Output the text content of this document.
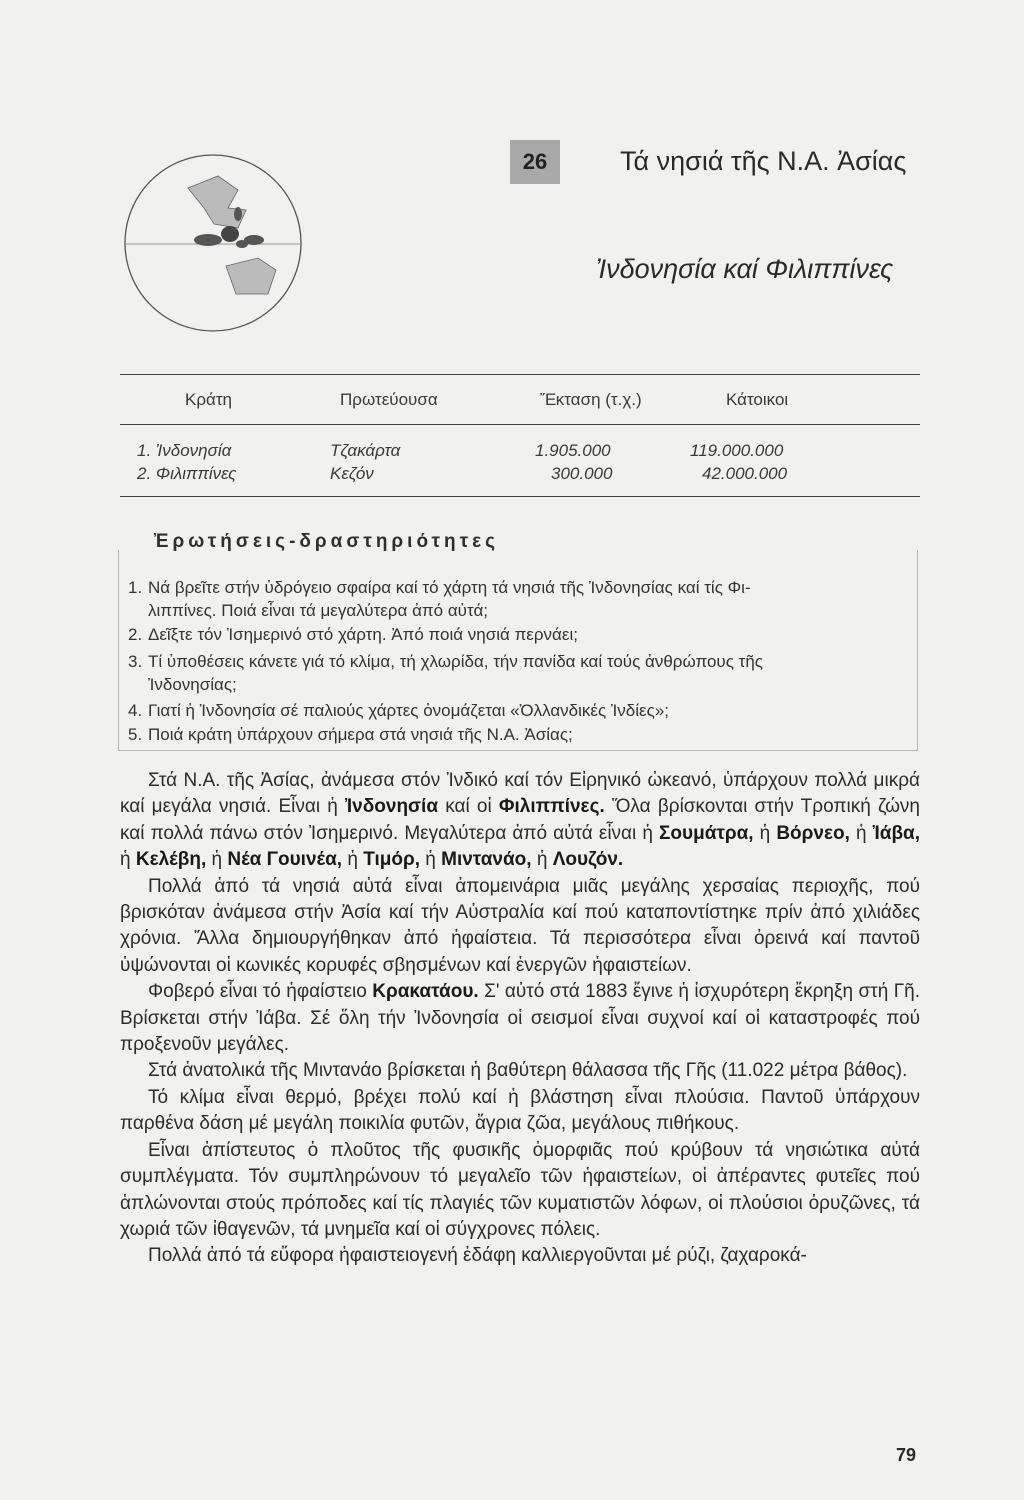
26	Τά νησιά τῆς Ν.Α. Ἀσίας
Ἰνδονησία καί Φιλιππίνες
Κράτη	Πρωτεύουσα	Ἔκταση (τ.χ.)	Κάτοικοι
1. Ἰνδονησία	Τζακάρτα	1.905.000	119.000.000
2. Φιλιππίνες	Κεζόν	300.000	42.000.000
Ἐρωτήσεις-δραστηριότητες
1. Νά βρεῖτε στήν ὑδρόγειο σφαίρα καί τό χάρτη τά νησιά τῆς Ἰνδονησίας καί τίς Φι-
λιππίνες. Ποιά εἶναι τά μεγαλύτερα ἀπό αὐτά;
2. Δεῖξτε τόν Ἰσημερινό στό χάρτη. Ἀπό ποιά νησιά περνάει;
3. Τί ὑποθέσεις κάνετε γιά τό κλίμα, τή χλωρίδα, τήν πανίδα καί τούς ἀνθρώπους τῆς
Ἰνδονησίας;
4. Γιατί ἡ Ἰνδονησία σέ παλιούς χάρτες ὀνομάζεται «Ὀλλανδικές Ἰνδίες»;
5. Ποιά κράτη ὑπάρχουν σήμερα στά νησιά τῆς Ν.Α. Ἀσίας;

Στά Ν.Α. τῆς Ἀσίας, ἀνάμεσα στόν Ἰνδικό καί τόν Εἰρηνικό ὠκεανό, ὑπάρχουν πολλά μικρά καί μεγάλα νησιά. Εἶναι ἡ Ἰνδονησία καί οἱ Φιλιππίνες. Ὅλα βρίσκονται στήν Τροπική ζώνη καί πολλά πάνω στόν Ἰσημερινό. Μεγαλύτερα ἀπό αὐτά εἶναι ἡ Σουμάτρα, ἡ Βόρνεο, ἡ Ἰάβα, ἡ Κελέβη, ἡ Νέα Γουινέα, ἡ Τιμόρ, ἡ Μιντανάο, ἡ Λουζόν.

Πολλά ἀπό τά νησιά αὐτά εἶναι ἀπομεινάρια μιᾶς μεγάλης χερσαίας περιοχῆς, πού βρισκόταν ἀνάμεσα στήν Ἀσία καί τήν Αὐστραλία καί πού καταποντίστηκε πρίν ἀπό χιλιάδες χρόνια. Ἄλλα δημιουργήθηκαν ἀπό ἡφαίστεια. Τά περισσότερα εἶναι ὀρεινά καί παντοῦ ὑψώνονται οἱ κωνικές κορυφές σβησμένων καί ἐνεργῶν ἡφαιστείων.

Φοβερό εἶναι τό ἡφαίστειο Κρακατάου. Σ' αὐτό στά 1883 ἔγινε ἡ ἰσχυρότερη ἔκρηξη στή Γῆ. Βρίσκεται στήν Ἰάβα. Σέ ὅλη τήν Ἰνδονησία οἱ σεισμοί εἶναι συχνοί καί οἱ καταστροφές πού προξενοῦν μεγάλες.

Στά ἀνατολικά τῆς Μιντανάο βρίσκεται ἡ βαθύτερη θάλασσα τῆς Γῆς (11.022 μέτρα βάθος).

Τό κλίμα εἶναι θερμό, βρέχει πολύ καί ἡ βλάστηση εἶναι πλούσια. Παντοῦ ὑπάρχουν παρθένα δάση μέ μεγάλη ποικιλία φυτῶν, ἄγρια ζῶα, μεγάλους πιθήκους.

Εἶναι ἀπίστευτος ὁ πλοῦτος τῆς φυσικῆς ὀμορφιᾶς πού κρύβουν τά νησιώτικα αὐτά συμπλέγματα. Τόν συμπληρώνουν τό μεγαλεῖο τῶν ἡφαιστείων, οἱ ἀπέραντες φυτεῖες πού ἁπλώνονται στούς πρόποδες καί τίς πλαγιές τῶν κυματιστῶν λόφων, οἱ πλούσιοι ὀρυζῶνες, τά χωριά τῶν ἰθαγενῶν, τά μνημεῖα καί οἱ σύγχρονες πόλεις.

Πολλά ἀπό τά εὔφορα ἡφαιστειογενή ἐδάφη καλλιεργοῦνται μέ ρύζι, ζαχαροκά-

79
